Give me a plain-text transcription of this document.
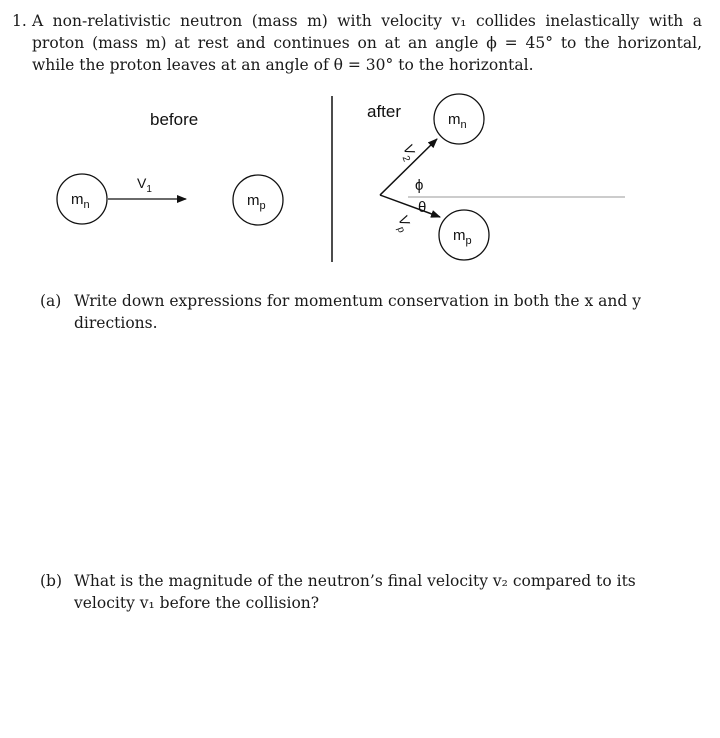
1. A non-relativistic neutron (mass m) with velocity v₁ collides inelastically with a proton (mass m) at rest and continues on at an angle ϕ = 45° to the horizontal, while the proton leaves at an angle of θ = 30° to the horizontal.
before
$m_n$
$V_1$
$m_p$
after
$V_2$
$V_p$
ϕ
θ
$m_n$
$m_p$
(a) Write down expressions for momentum conservation in both the x and y directions.
(b) What is the magnitude of the neutron’s final velocity v₂ compared to its velocity v₁ before the collision?
